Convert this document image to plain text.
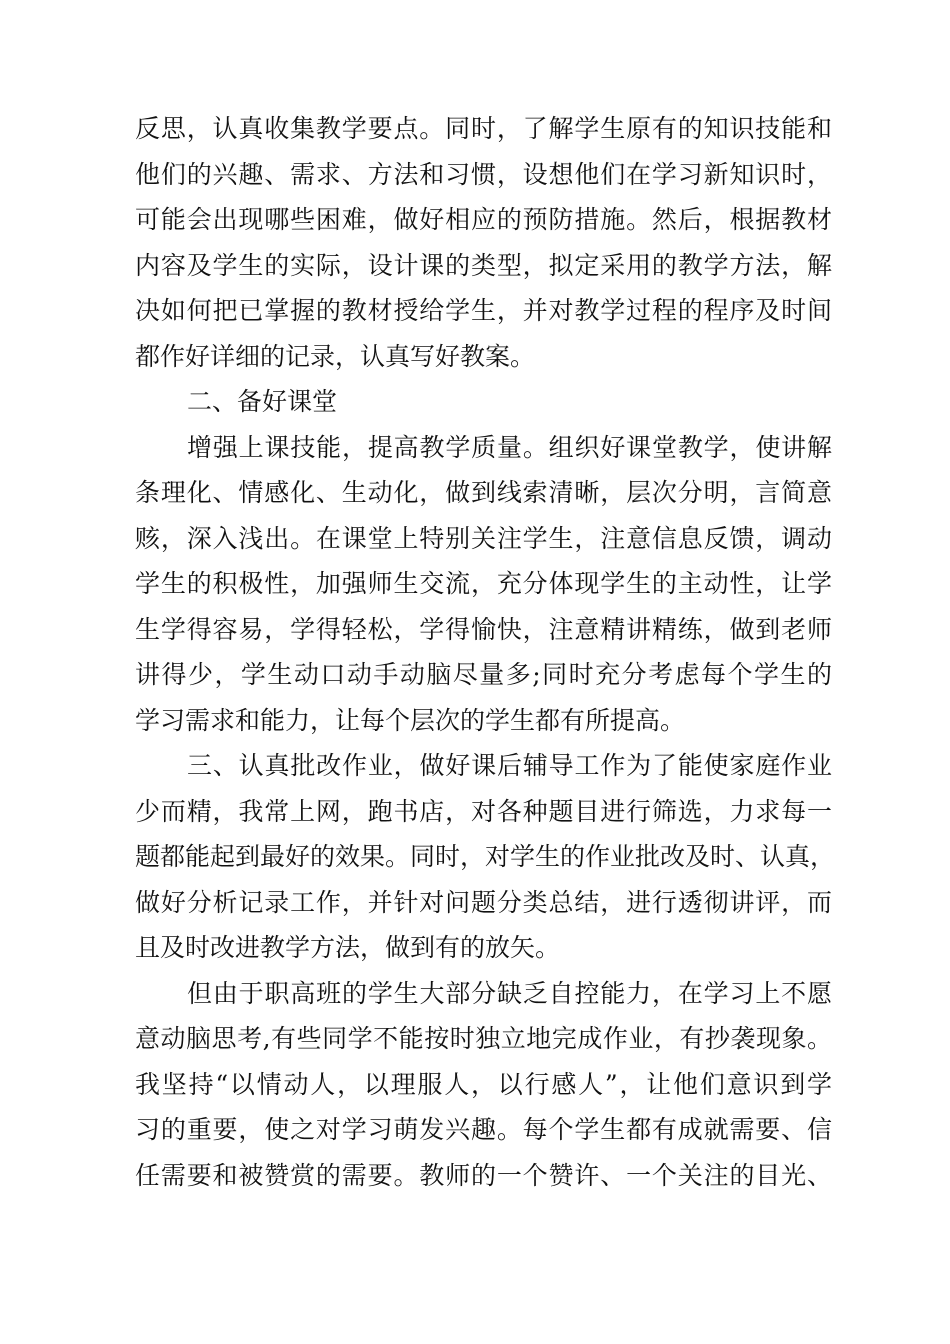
反思，认真收集教学要点。同时，了解学生原有的知识技能和
他们的兴趣、需求、方法和习惯，设想他们在学习新知识时，
可能会出现哪些困难，做好相应的预防措施。然后，根据教材
内容及学生的实际，设计课的类型，拟定采用的教学方法，解
决如何把已掌握的教材授给学生，并对教学过程的程序及时间
都作好详细的记录，认真写好教案。
二、备好课堂
增强上课技能，提高教学质量。组织好课堂教学，使讲解
条理化、情感化、生动化，做到线索清晰，层次分明，言简意
赅，深入浅出。在课堂上特别关注学生，注意信息反馈，调动
学生的积极性，加强师生交流，充分体现学生的主动性，让学
生学得容易，学得轻松，学得愉快，注意精讲精练，做到老师
讲得少，学生动口动手动脑尽量多;同时充分考虑每个学生的
学习需求和能力，让每个层次的学生都有所提高。
三、认真批改作业，做好课后辅导工作为了能使家庭作业
少而精，我常上网，跑书店，对各种题目进行筛选，力求每一
题都能起到最好的效果。同时，对学生的作业批改及时、认真，
做好分析记录工作，并针对问题分类总结，进行透彻讲评，而
且及时改进教学方法，做到有的放矢。
但由于职高班的学生大部分缺乏自控能力，在学习上不愿
意动脑思考,有些同学不能按时独立地完成作业，有抄袭现象。
我坚持“以情动人，以理服人，以行感人”，让他们意识到学
习的重要，使之对学习萌发兴趣。每个学生都有成就需要、信
任需要和被赞赏的需要。教师的一个赞许、一个关注的目光、
